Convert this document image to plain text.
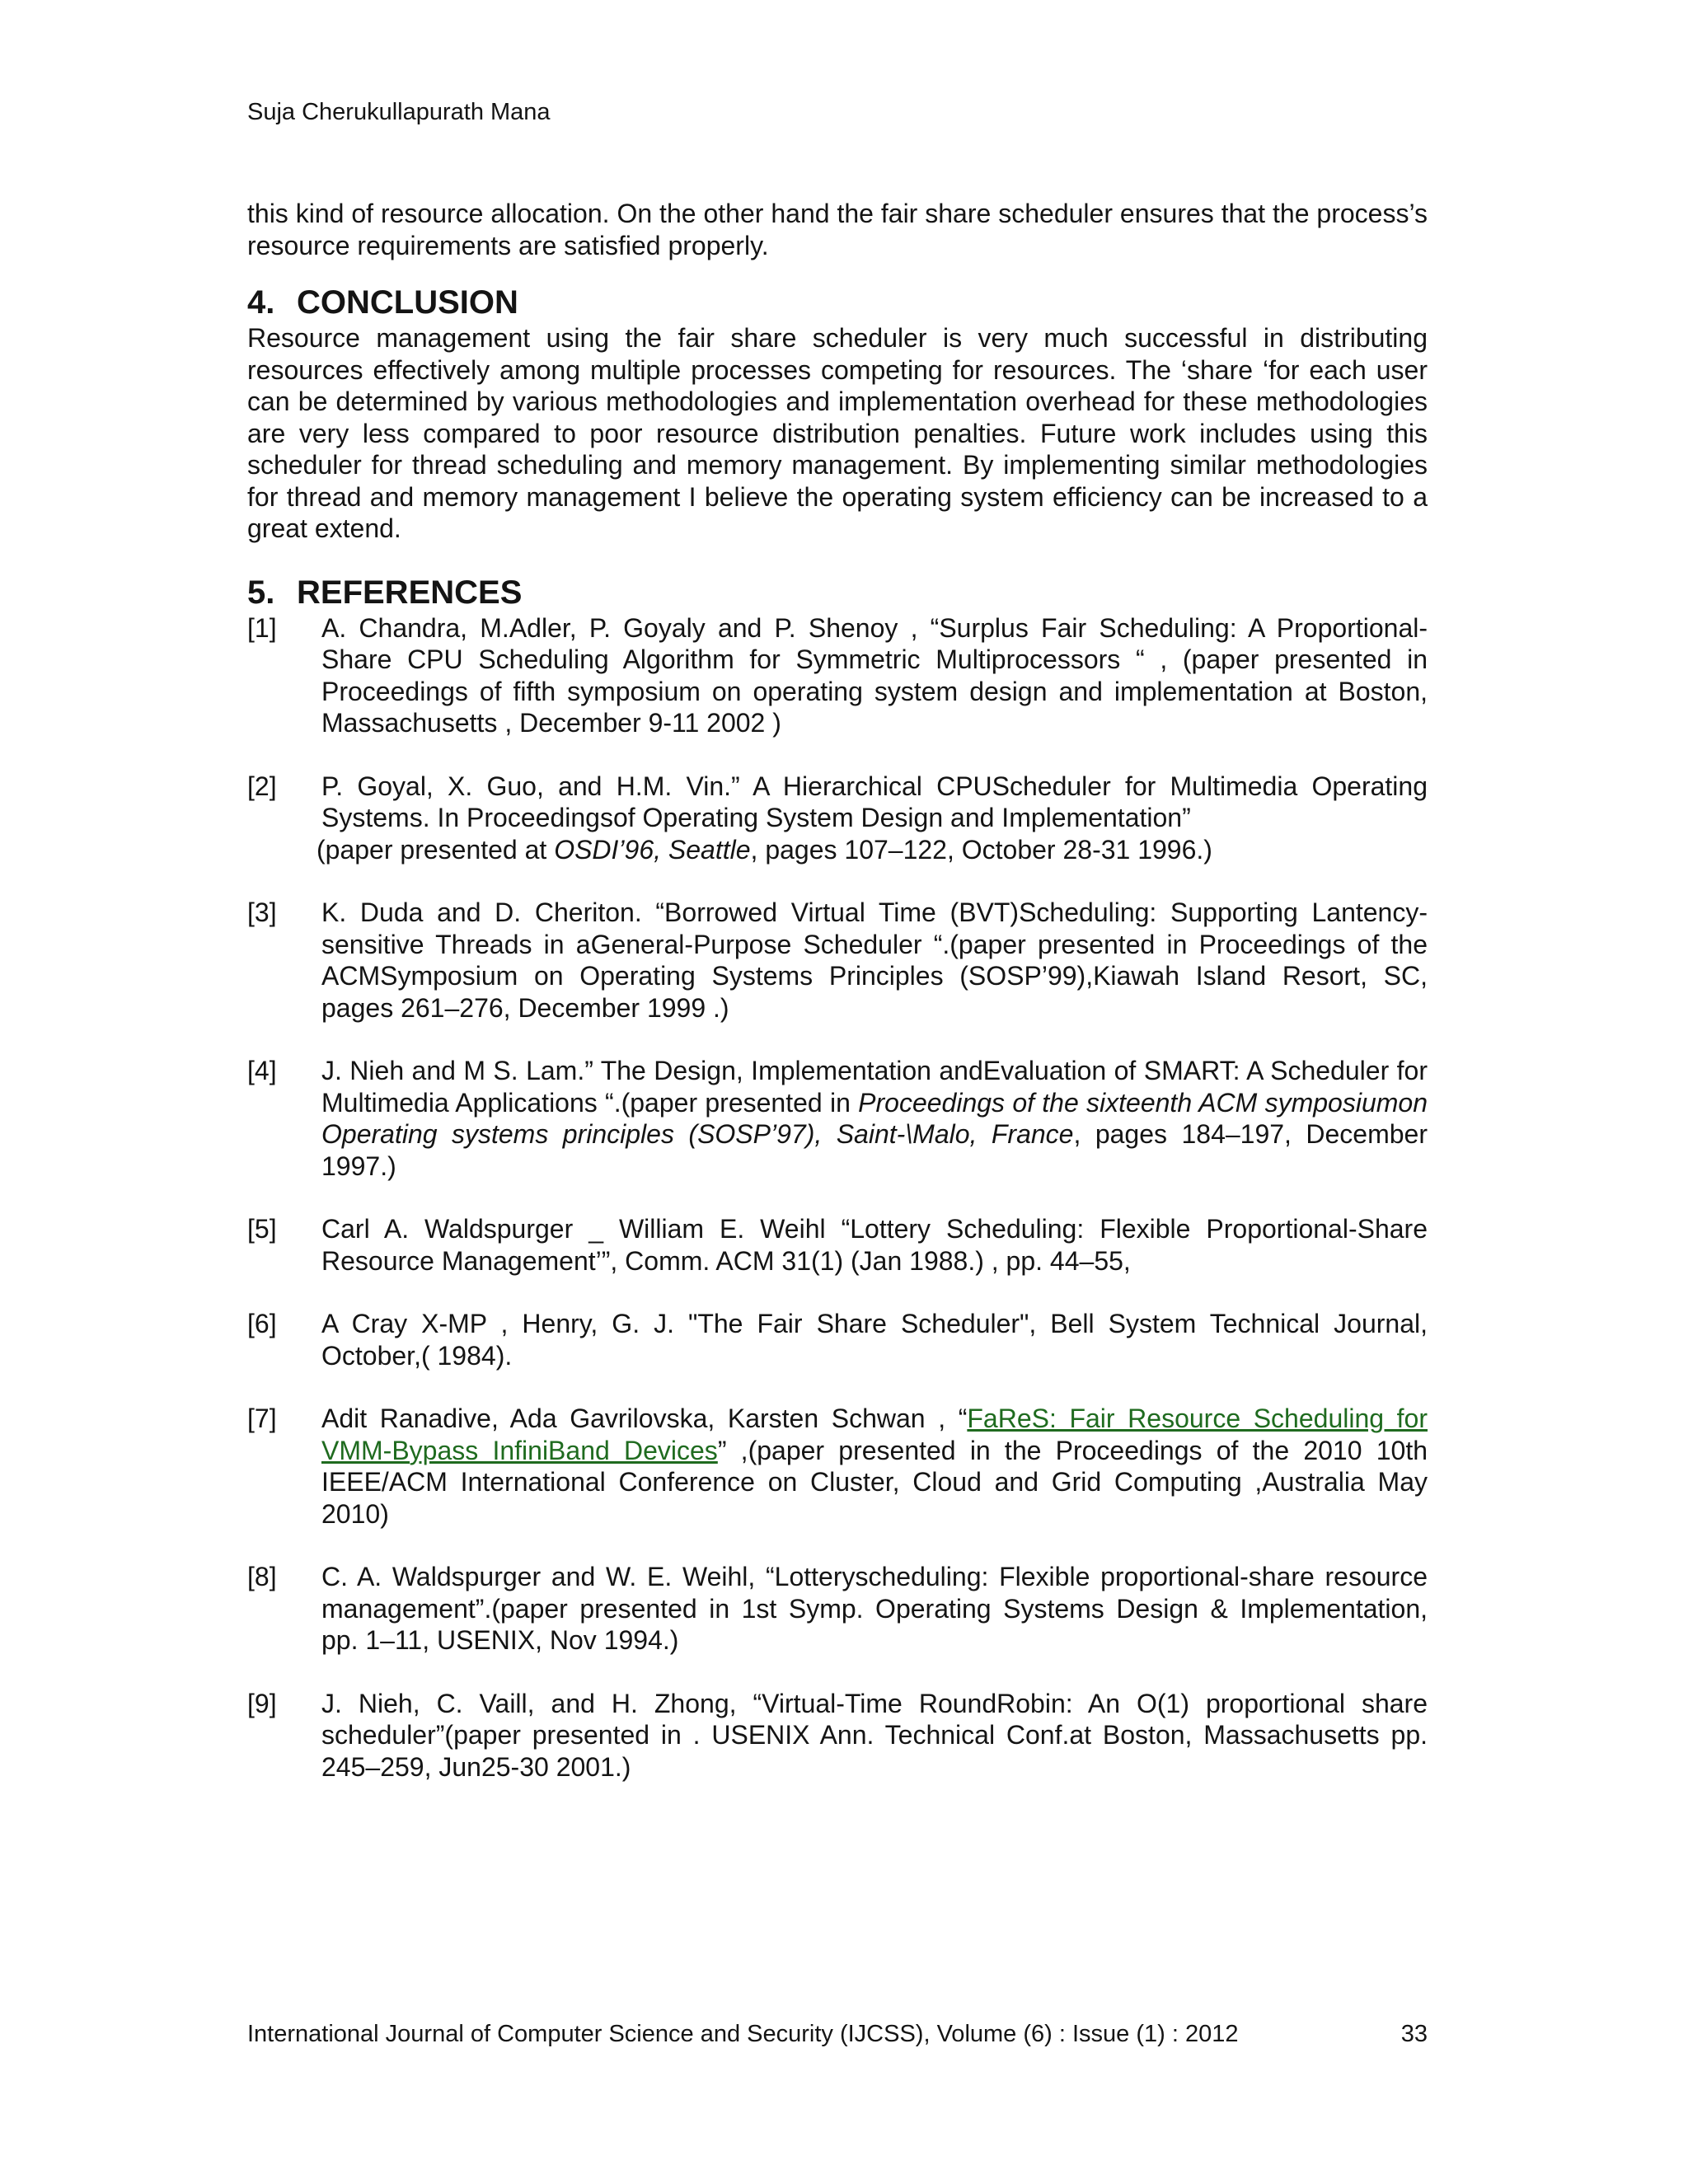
Suja Cherukullapurath Mana

this kind of resource allocation. On the other hand the fair share scheduler ensures that the process’s resource requirements are satisfied properly.

4. CONCLUSION

Resource management using the fair share scheduler is very much successful in distributing resources effectively among multiple processes competing for resources. The ‘share ‘for each user can be determined by various methodologies and implementation overhead for these methodologies are very less compared to poor resource distribution penalties. Future work includes using this scheduler for thread scheduling and memory management. By implementing similar methodologies for thread and memory management I believe the operating system efficiency can be increased to a great extend.

5. REFERENCES
[1]	A. Chandra, M.Adler, P. Goyaly and P. Shenoy , “Surplus Fair Scheduling: A Proportional-Share CPU Scheduling Algorithm for Symmetric Multiprocessors “ , (paper presented in Proceedings of fifth symposium on operating system design and implementation at Boston, Massachusetts , December 9-11 2002 )
[2]	P. Goyal, X. Guo, and H.M. Vin.” A Hierarchical CPUScheduler for Multimedia Operating Systems. In Proceedingsof Operating System Design and Implementation”
(paper presented at OSDI’96, Seattle, pages 107–122, October 28-31 1996.)
[3]	K. Duda and D. Cheriton. “Borrowed Virtual Time (BVT)Scheduling: Supporting Lantency-sensitive Threads in aGeneral-Purpose Scheduler “.(paper presented in Proceedings of the ACMSymposium on Operating Systems Principles (SOSP’99),Kiawah Island Resort, SC, pages 261–276, December 1999 .)
[4]	J. Nieh and M S. Lam.” The Design, Implementation andEvaluation of SMART: A Scheduler for Multimedia Applications “.(paper presented in Proceedings of the sixteenth ACM symposiumon Operating systems principles (SOSP’97), Saint-\Malo, France, pages 184–197, December 1997.)
[5]	Carl A. Waldspurger _ William E. Weihl “Lottery Scheduling: Flexible Proportional-Share Resource Management’”, Comm. ACM 31(1) (Jan 1988.) , pp. 44–55,
[6]	A Cray X-MP , Henry, G. J. "The Fair Share Scheduler", Bell System Technical Journal, October,( 1984).
[7]	Adit Ranadive, Ada Gavrilovska, Karsten Schwan , “FaReS: Fair Resource Scheduling for VMM-Bypass InfiniBand Devices” ,(paper presented in the Proceedings of the 2010 10th IEEE/ACM International Conference on Cluster, Cloud and Grid Computing ,Australia May 2010)
[8]	C. A. Waldspurger and W. E. Weihl, “Lotteryscheduling: Flexible proportional-share resource management”.(paper presented in 1st Symp. Operating Systems Design & Implementation, pp. 1–11, USENIX, Nov 1994.)
[9]	J. Nieh, C. Vaill, and H. Zhong, “Virtual-Time RoundRobin: An O(1) proportional share scheduler”(paper presented in . USENIX Ann. Technical Conf.at Boston, Massachusetts pp. 245–259, Jun25-30 2001.)
International Journal of Computer Science and Security (IJCSS), Volume (6) : Issue (1) : 2012	33
